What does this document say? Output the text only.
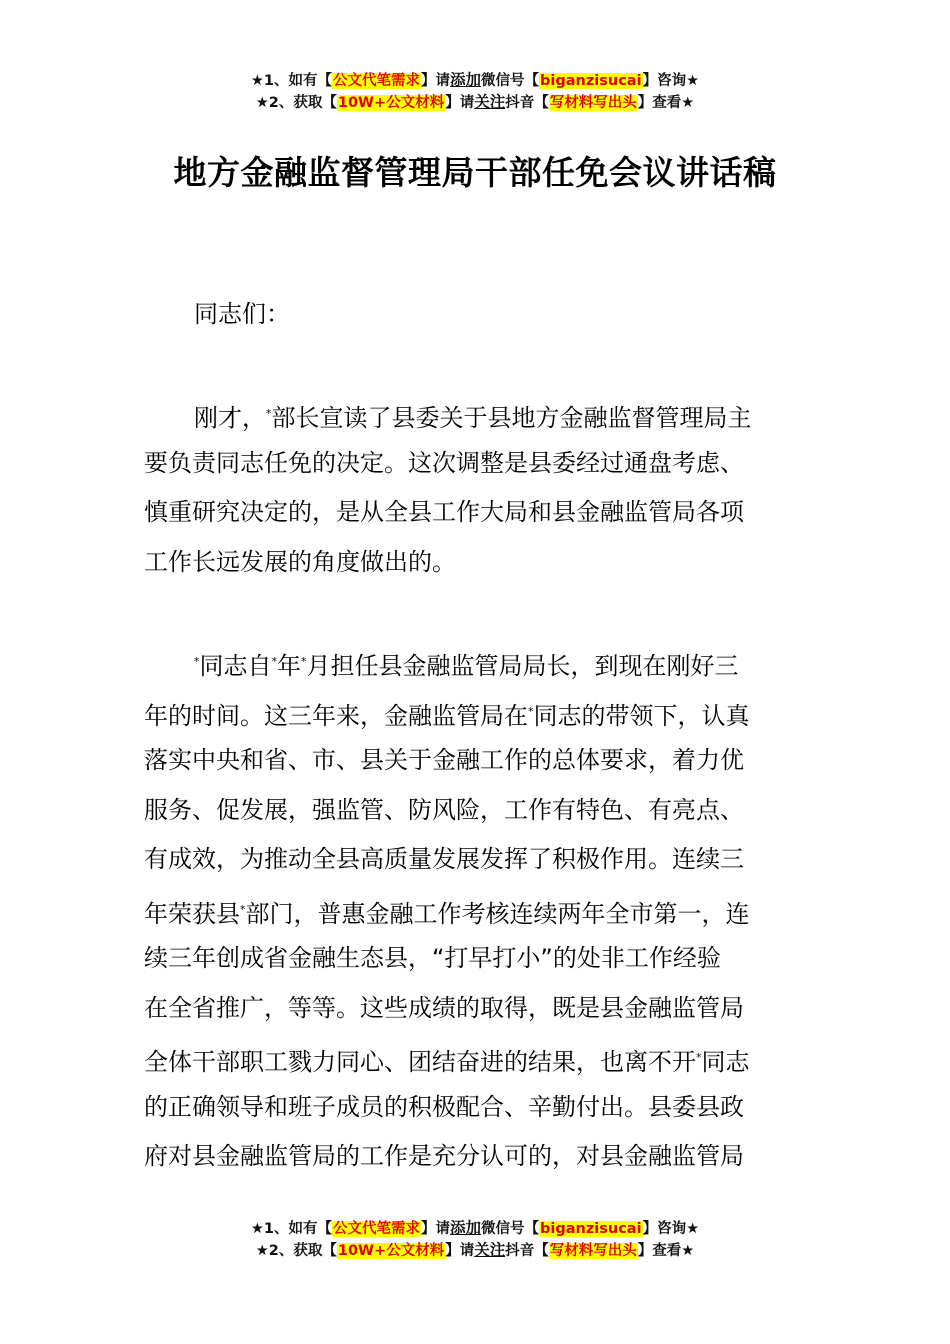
★1、如有【公文代笔需求】请添加微信号【biganzisucai】咨询★
★2、获取【10W+公文材料】请关注抖音【写材料写出头】查看★
地方金融监督管理局干部任免会议讲话稿
同志们：
刚才，*部长宣读了县委关于县地方金融监督管理局主
要负责同志任免的决定。这次调整是县委经过通盘考虑、
慎重研究决定的，是从全县工作大局和县金融监管局各项
工作长远发展的角度做出的。
*同志自*年*月担任县金融监管局局长，到现在刚好三
年的时间。这三年来，金融监管局在*同志的带领下，认真
落实中央和省、市、县关于金融工作的总体要求，着力优
服务、促发展，强监管、防风险，工作有特色、有亮点、
有成效，为推动全县高质量发展发挥了积极作用。连续三
年荣获县*部门，普惠金融工作考核连续两年全市第一，连
续三年创成省金融生态县，“打早打小”的处非工作经验
在全省推广，等等。这些成绩的取得，既是县金融监管局
全体干部职工戮力同心、团结奋进的结果，也离不开*同志
的正确领导和班子成员的积极配合、辛勤付出。县委县政
府对县金融监管局的工作是充分认可的，对县金融监管局
★1、如有【公文代笔需求】请添加微信号【biganzisucai】咨询★
★2、获取【10W+公文材料】请关注抖音【写材料写出头】查看★
